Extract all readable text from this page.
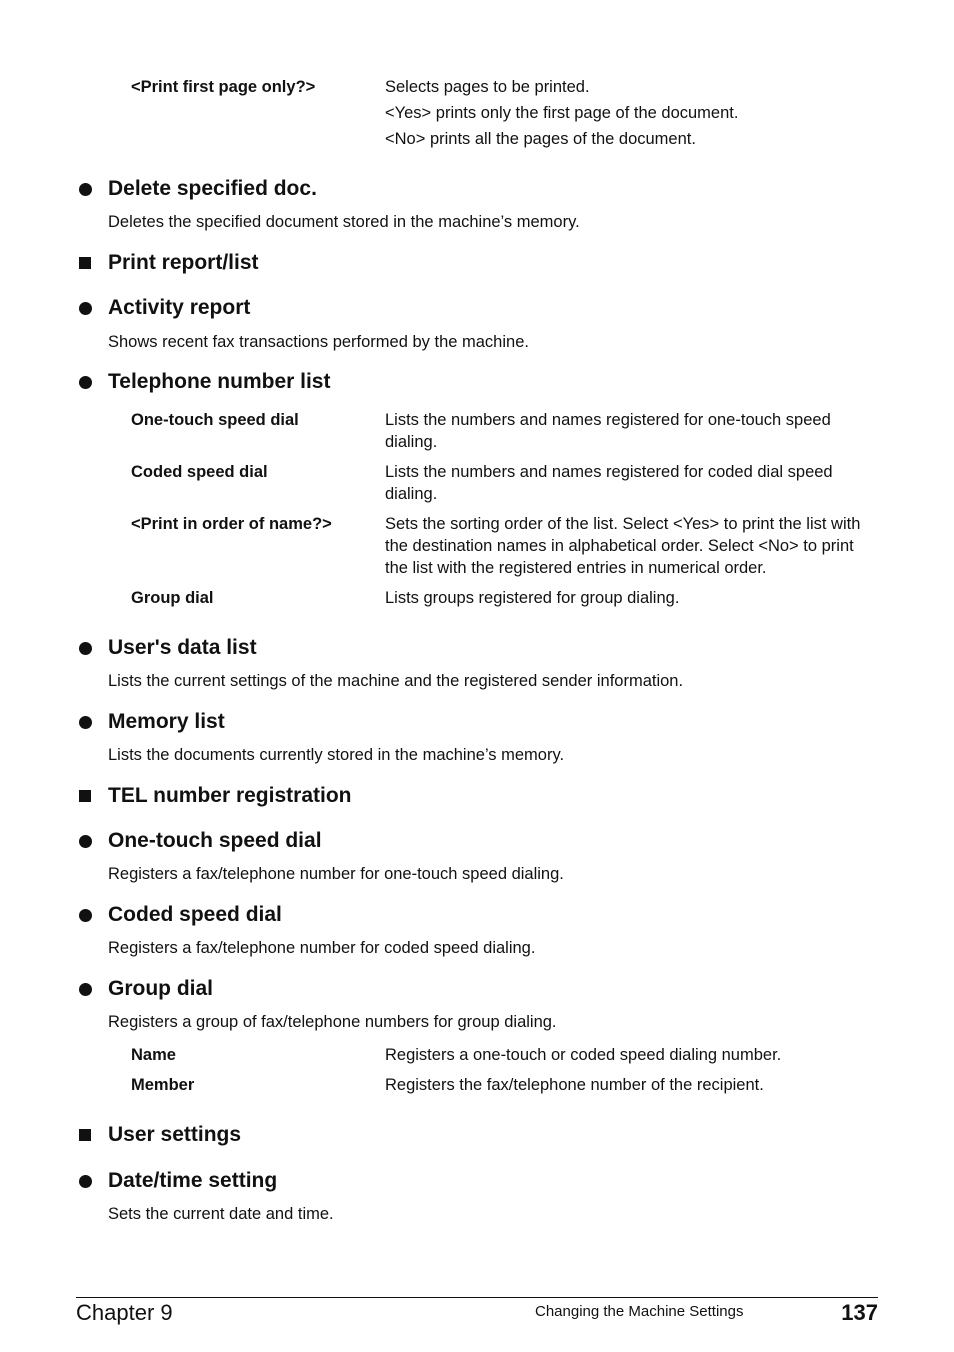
<Print first page only?>	Selects pages to be printed.
<Yes> prints only the first page of the document.
<No> prints all the pages of the document.
Delete specified doc.
Deletes the specified document stored in the machine’s memory.
Print report/list
Activity report
Shows recent fax transactions performed by the machine.
Telephone number list
One-touch speed dial	Lists the numbers and names registered for one-touch speed dialing.
Coded speed dial	Lists the numbers and names registered for coded dial speed dialing.
<Print in order of name?>	Sets the sorting order of the list. Select <Yes> to print the list with the destination names in alphabetical order. Select <No> to print the list with the registered entries in numerical order.
Group dial	Lists groups registered for group dialing.
User's data list
Lists the current settings of the machine and the registered sender information.
Memory list
Lists the documents currently stored in the machine’s memory.
TEL number registration
One-touch speed dial
Registers a fax/telephone number for one-touch speed dialing.
Coded speed dial
Registers a fax/telephone number for coded speed dialing.
Group dial
Registers a group of fax/telephone numbers for group dialing.
Name	Registers a one-touch or coded speed dialing number.
Member	Registers the fax/telephone number of the recipient.
User settings
Date/time setting
Sets the current date and time.
Chapter 9	Changing the Machine Settings	137
